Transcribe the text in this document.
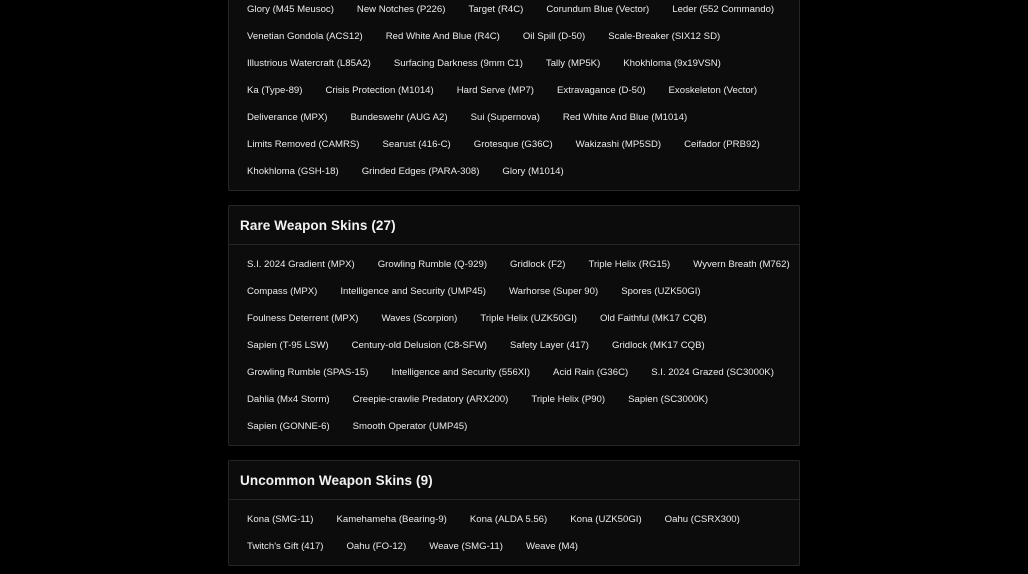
Glory (M45 Meusoc)	New Notches (P226)	Target (R4C)	Corundum Blue (Vector)	Leder (552 Commando)
Venetian Gondola (ACS12)	Red White And Blue (R4C)	Oil Spill (D-50)	Scale-Breaker (SIX12 SD)
Illustrious Watercraft (L85A2)	Surfacing Darkness (9mm C1)	Tally (MP5K)	Khokhloma (9x19VSN)
Ka (Type-89)	Crisis Protection (M1014)	Hard Serve (MP7)	Extravagance (D-50)	Exoskeleton (Vector)
Deliverance (MPX)	Bundeswehr (AUG A2)	Sui (Supernova)	Red White And Blue (M1014)
Limits Removed (CAMRS)	Searust (416-C)	Grotesque (G36C)	Wakizashi (MP5SD)	Ceifador (PRB92)
Khokhloma (GSH-18)	Grinded Edges (PARA-308)	Glory (M1014)
Rare Weapon Skins (27)
S.I. 2024 Gradient (MPX)	Growling Rumble (Q-929)	Gridlock (F2)	Triple Helix (RG15)	Wyvern Breath (M762)
Compass (MPX)	Intelligence and Security (UMP45)	Warhorse (Super 90)	Spores (UZK50GI)
Foulness Deterrent (MPX)	Waves (Scorpion)	Triple Helix (UZK50GI)	Old Faithful (MK17 CQB)
Sapien (T-95 LSW)	Century-old Delusion (C8-SFW)	Safety Layer (417)	Gridlock (MK17 CQB)
Growling Rumble (SPAS-15)	Intelligence and Security (556XI)	Acid Rain (G36C)	S.I. 2024 Grazed (SC3000K)
Dahlia (Mx4 Storm)	Creepie-crawlie Predatory (ARX200)	Triple Helix (P90)	Sapien (SC3000K)
Sapien (GONNE-6)	Smooth Operator (UMP45)
Uncommon Weapon Skins (9)
Kona (SMG-11)	Kamehameha (Bearing-9)	Kona (ALDA 5.56)	Kona (UZK50GI)	Oahu (CSRX300)
Twitch's Gift (417)	Oahu (FO-12)	Weave (SMG-11)	Weave (M4)
